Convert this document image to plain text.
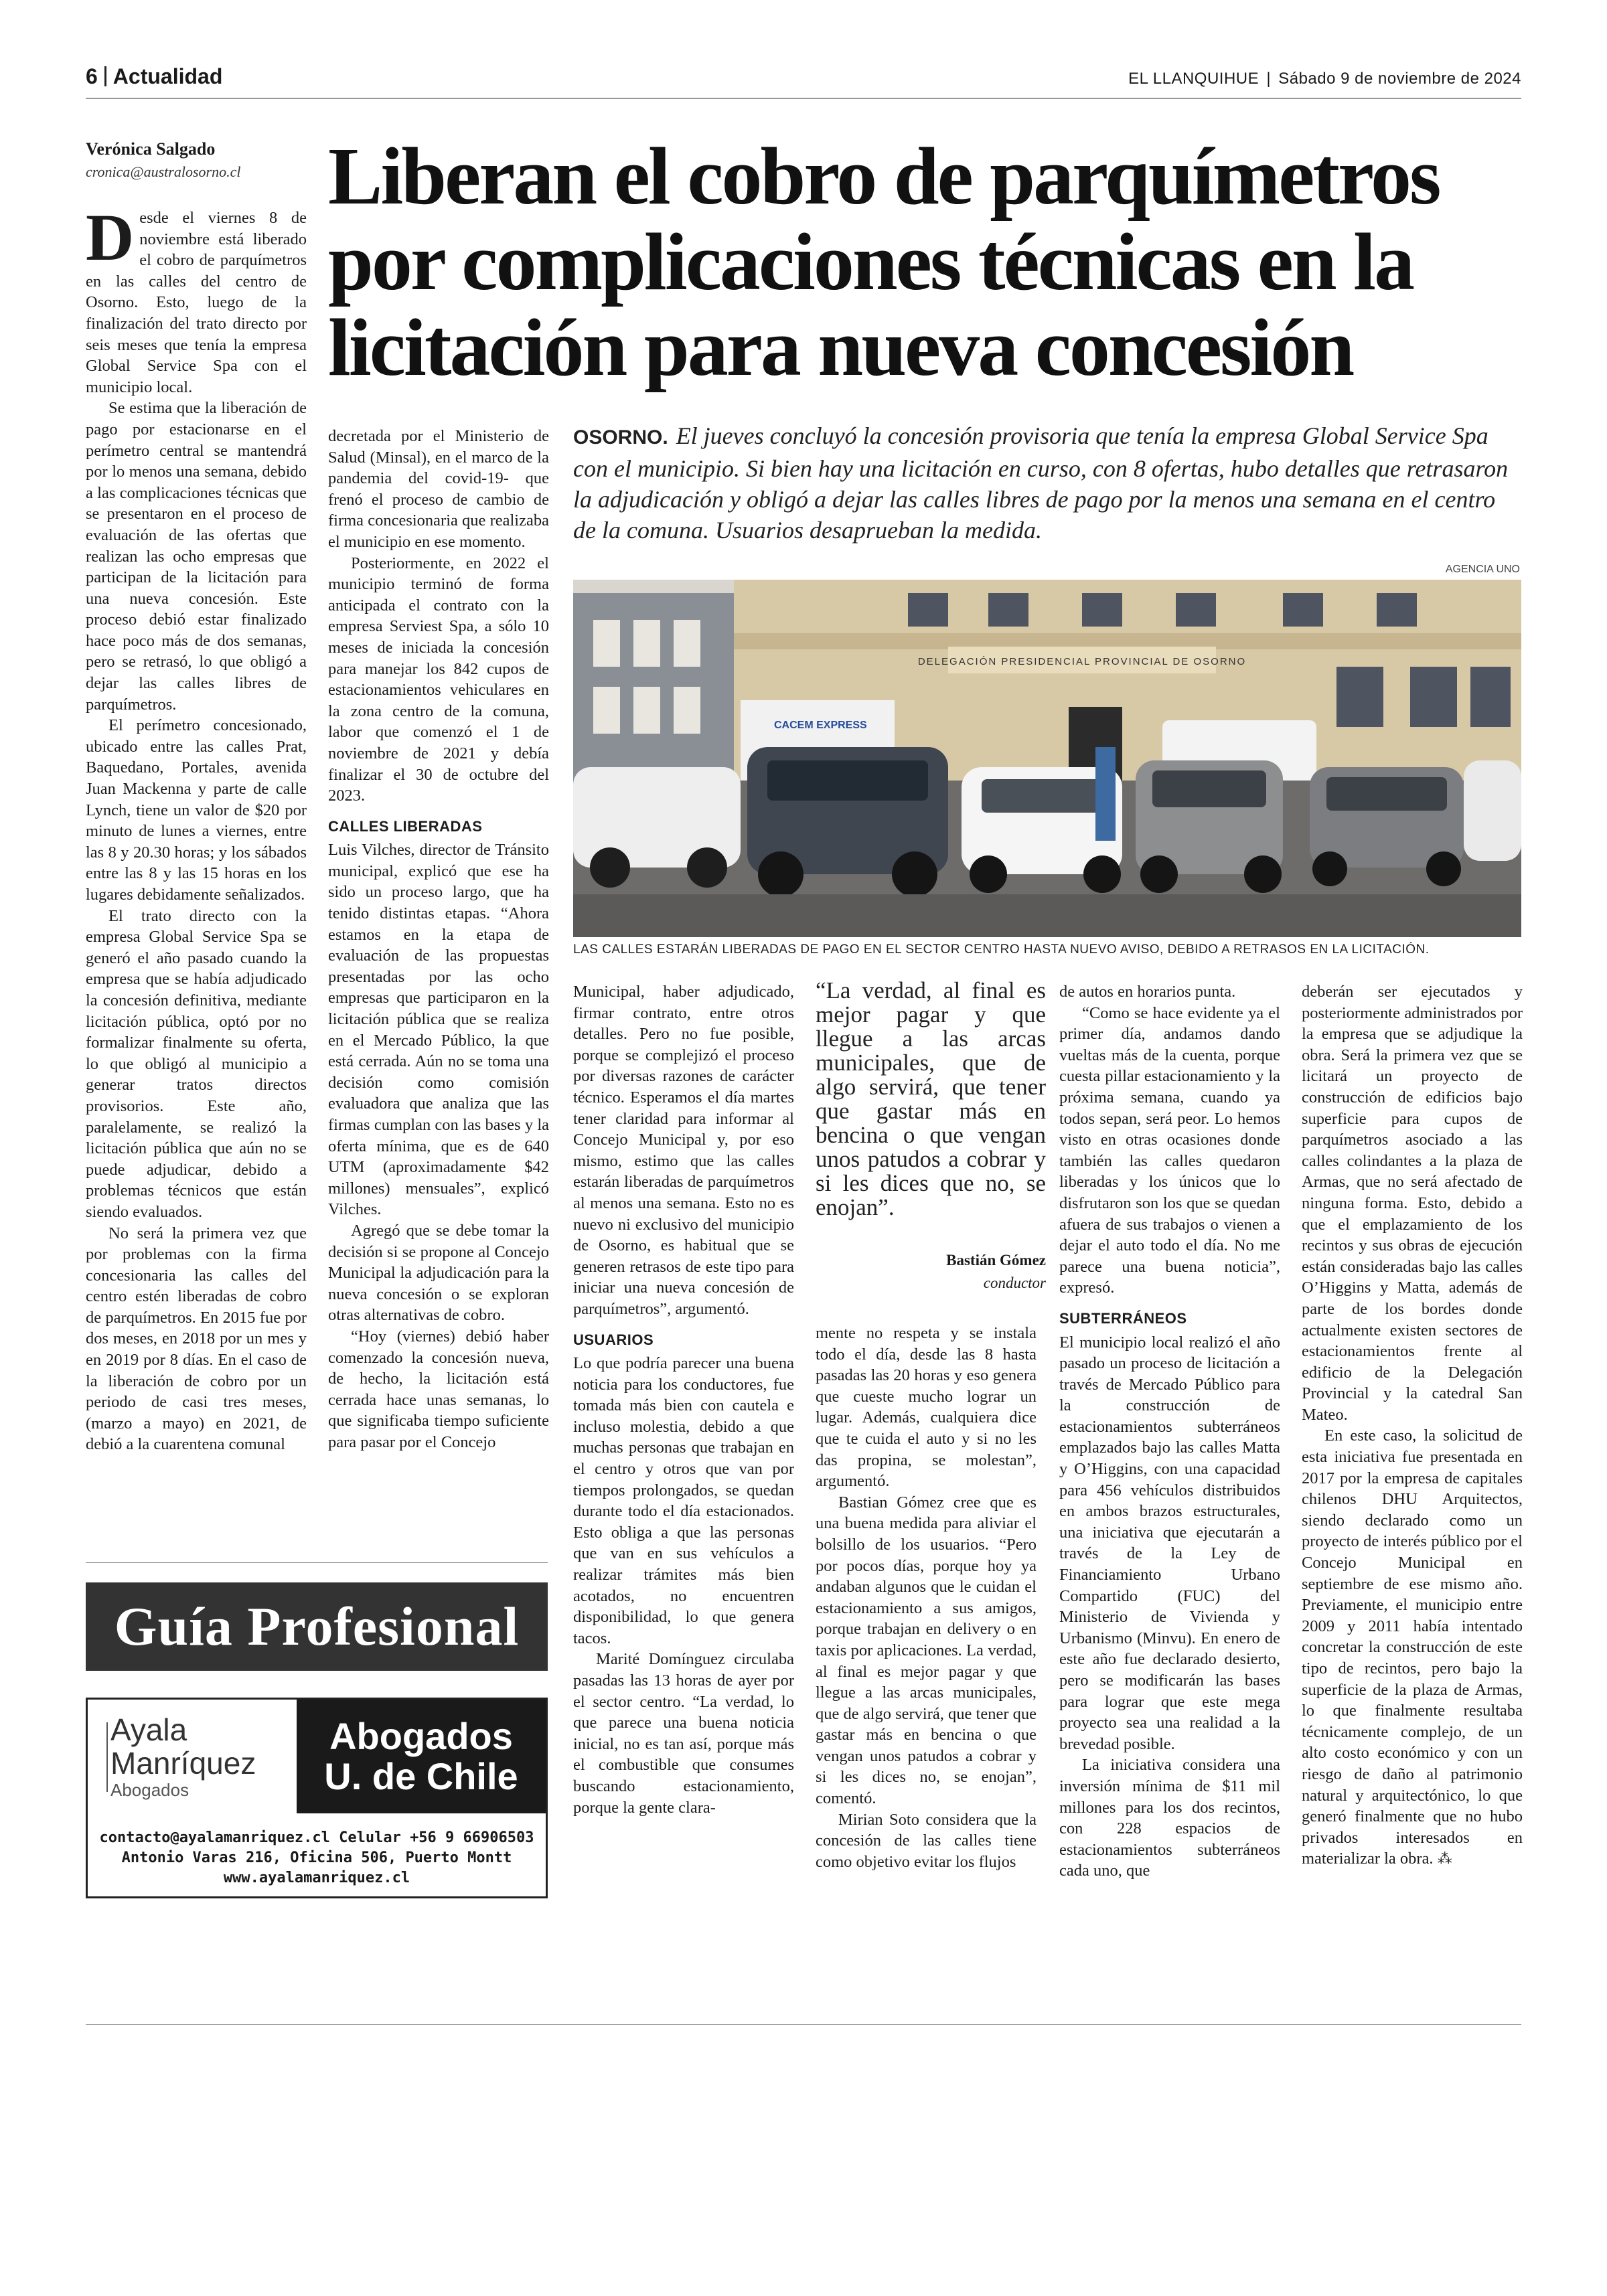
6 Actualidad	EL LLANQUIHUE | Sábado 9 de noviembre de 2024
Verónica Salgado
cronica@australosorno.cl Liberan el cobro de parquímetros por complicaciones técnicas en la licitación para nueva concesión
OSORNO. El jueves concluyó la concesión provisoria que tenía la empresa Global Service Spa con el municipio. Si bien hay una licitación en curso, con 8 ofertas, hubo detalles que retrasaron la adjudicación y obligó a dejar las calles libres de pago por la menos una semana en el centro de la comuna. Usuarios desaprueban la medida.
AGENCIA UNO
DELEGACIÓN PRESIDENCIAL PROVINCIAL DE OSORNO
CACEM EXPRESS
LAS CALLES ESTARÁN LIBERADAS DE PAGO EN EL SECTOR CENTRO HASTA NUEVO AVISO, DEBIDO A RETRASOS EN LA LICITACIÓN.

Desde el viernes 8 de noviembre está liberado el cobro de parquímetros en las calles del centro de Osorno. Esto, luego de la finalización del trato directo por seis meses que tenía la empresa Global Service Spa con el municipio local.

Se estima que la liberación de pago por estacionarse en el perímetro central se mantendrá por lo menos una semana, debido a las complicaciones técnicas que se presentaron en el proceso de evaluación de las ofertas que realizan las ocho empresas que participan de la licitación para una nueva concesión. Este proceso debió estar finalizado hace poco más de dos semanas, pero se retrasó, lo que obligó a dejar las calles libres de parquímetros.

El perímetro concesionado, ubicado entre las calles Prat, Baquedano, Portales, avenida Juan Mackenna y parte de calle Lynch, tiene un valor de $20 por minuto de lunes a viernes, entre las 8 y 20.30 horas; y los sábados entre las 8 y las 15 horas en los lugares debidamente señalizados.

El trato directo con la empresa Global Service Spa se generó el año pasado cuando la empresa que se había adjudicado la concesión definitiva, mediante licitación pública, optó por no formalizar finalmente su oferta, lo que obligó al municipio a generar tratos directos provisorios. Este año, paralelamente, se realizó la licitación pública que aún no se puede adjudicar, debido a problemas técnicos que están siendo evaluados.

No será la primera vez que por problemas con la firma concesionaria las calles del centro estén liberadas de cobro de parquímetros. En 2015 fue por dos meses, en 2018 por un mes y en 2019 por 8 días. En el caso de la liberación de cobro por un periodo de casi tres meses, (marzo a mayo) en 2021, de debió a la cuarentena comunal

decretada por el Ministerio de Salud (Minsal), en el marco de la pandemia del covid-19- que frenó el proceso de cambio de firma concesionaria que realizaba el municipio en ese momento.

Posteriormente, en 2022 el municipio terminó de forma anticipada el contrato con la empresa Serviest Spa, a sólo 10 meses de iniciada la concesión para manejar los 842 cupos de estacionamientos vehiculares en la zona centro de la comuna, labor que comenzó el 1 de noviembre de 2021 y debía finalizar el 30 de octubre del 2023.

CALLES LIBERADAS

Luis Vilches, director de Tránsito municipal, explicó que ese ha sido un proceso largo, que ha tenido distintas etapas. “Ahora estamos en la etapa de evaluación de las propuestas presentadas por las ocho empresas que participaron en la licitación pública que se realiza en el Mercado Público, la que está cerrada. Aún no se toma una decisión como comisión evaluadora que analiza que las firmas cumplan con las bases y la oferta mínima, que es de 640 UTM (aproximadamente $42 millones) mensuales”, explicó Vilches.

Agregó que se debe tomar la decisión si se propone al Concejo Municipal la adjudicación para la nueva concesión o se exploran otras alternativas de cobro.

“Hoy (viernes) debió haber comenzado la concesión nueva, de hecho, la licitación está cerrada hace unas semanas, lo que significaba tiempo suficiente para pasar por el Concejo

Municipal, haber adjudicado, firmar contrato, entre otros detalles. Pero no fue posible, porque se complejizó el proceso por diversas razones de carácter técnico. Esperamos el día martes tener claridad para informar al Concejo Municipal y, por eso mismo, estimo que las calles estarán liberadas de parquímetros al menos una semana. Esto no es nuevo ni exclusivo del municipio de Osorno, es habitual que se generen retrasos de este tipo para iniciar una nueva concesión de parquímetros”, argumentó.

USUARIOS

Lo que podría parecer una buena noticia para los conductores, fue tomada más bien con cautela e incluso molestia, debido a que muchas personas que trabajan en el centro y otros que van por tiempos prolongados, se quedan durante todo el día estacionados. Esto obliga a que las personas que van en sus vehículos a realizar trámites más bien acotados, no encuentren disponibilidad, lo que genera tacos.

Marité Domínguez circulaba pasadas las 13 horas de ayer por el sector centro. “La verdad, lo que parece una buena noticia inicial, no es tan así, porque más el combustible que consumes buscando estacionamiento, porque la gente clara-

“La verdad, al final es mejor pagar y que llegue a las arcas municipales, que de algo servirá, que tener que gastar más en bencina o que vengan unos patudos a cobrar y si les dices que no, se enojan”.
Bastián Gómez
conductor

mente no respeta y se instala todo el día, desde las 8 hasta pasadas las 20 horas y eso genera que cueste mucho lograr un lugar. Además, cualquiera dice que te cuida el auto y si no les das propina, se molestan”, argumentó.

Bastian Gómez cree que es una buena medida para aliviar el bolsillo de los usuarios. “Pero por pocos días, porque hoy ya andaban algunos que le cuidan el estacionamiento a sus amigos, porque trabajan en delivery o en taxis por aplicaciones. La verdad, al final es mejor pagar y que llegue a las arcas municipales, que de algo servirá, que tener que gastar más en bencina o que vengan unos patudos a cobrar y si les dices no, se enojan”, comentó.

Mirian Soto considera que la concesión de las calles tiene como objetivo evitar los flujos

de autos en horarios punta.

“Como se hace evidente ya el primer día, andamos dando vueltas más de la cuenta, porque cuesta pillar estacionamiento y la próxima semana, cuando ya todos sepan, será peor. Lo hemos visto en otras ocasiones donde también las calles quedaron liberadas y los únicos que lo disfrutaron son los que se quedan afuera de sus trabajos o vienen a dejar el auto todo el día. No me parece una buena noticia”, expresó.

SUBTERRÁNEOS

El municipio local realizó el año pasado un proceso de licitación a través de Mercado Público para la construcción de estacionamientos subterráneos emplazados bajo las calles Matta y O’Higgins, con una capacidad para 456 vehículos distribuidos en ambos brazos estructurales, una iniciativa que ejecutarán a través de la Ley de Financiamiento Urbano Compartido (FUC) del Ministerio de Vivienda y Urbanismo (Minvu). En enero de este año fue declarado desierto, pero se modificarán las bases para lograr que este mega proyecto sea una realidad a la brevedad posible.

La iniciativa considera una inversión mínima de $11 mil millones para los dos recintos, con 228 espacios de estacionamientos subterráneos cada uno, que

deberán ser ejecutados y posteriormente administrados por la empresa que se adjudique la obra. Será la primera vez que se licitará un proyecto de construcción de edificios bajo superficie para cupos de parquímetros asociado a las calles colindantes a la plaza de Armas, que no será afectado de ninguna forma. Esto, debido a que el emplazamiento de los recintos y sus obras de ejecución están consideradas bajo las calles O’Higgins y Matta, además de parte de los bordes donde actualmente existen sectores de estacionamientos frente al edificio de la Delegación Provincial y la catedral San Mateo.

En este caso, la solicitud de esta iniciativa fue presentada en 2017 por la empresa de capitales chilenos DHU Arquitectos, siendo declarado como un proyecto de interés público por el Concejo Municipal en septiembre de ese mismo año. Previamente, el municipio entre 2009 y 2011 había intentado concretar la construcción de este tipo de recintos, pero bajo la superficie de la plaza de Armas, lo que finalmente resultaba técnicamente complejo, de un alto costo económico y con un riesgo de daño al patrimonio natural y arquitectónico, lo que generó finalmente que no hubo privados interesados en materializar la obra. ⁂

Guía Profesional
Ayala
Manríquez
Abogados
Abogados
U. de Chile
contacto@ayalamanriquez.cl Celular +56 9 66906503
Antonio Varas 216, Oficina 506, Puerto Montt
www.ayalamanriquez.cl
